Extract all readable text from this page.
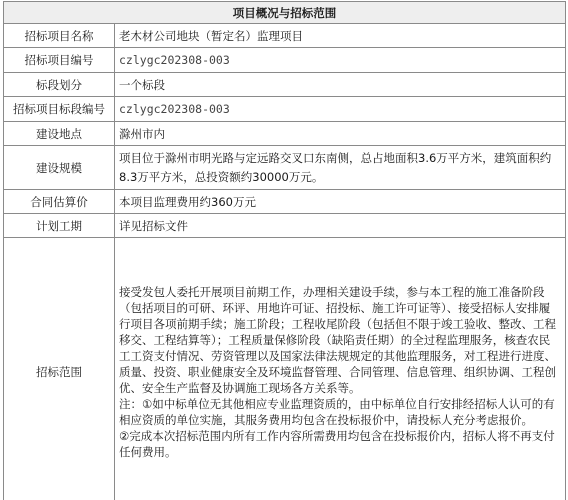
项目概况与招标范围	
招标项目名称	老木材公司地块（暂定名）监理项目
招标项目编号	czlygc202308-003
标段划分	一个标段
招标项目标段编号	czlygc202308-003
建设地点	滁州市内
建设规模	项目位于滁州市明光路与定远路交叉口东南侧，总占地面积3.6万平方米，建筑面积约8.3万平方米，总投资额约30000万元。
合同估算价	本项目监理费用约360万元
计划工期	详见招标文件
招标范围	接受发包人委托开展项目前期工作，办理相关建设手续，参与本工程的施工准备阶段（包括项目的可研、环评、用地许可证、招投标、施工许可证等）、接受招标人安排履行项目各项前期手续；施工阶段；工程收尾阶段（包括但不限于竣工验收、整改、工程移交、工程结算等）；工程质量保修阶段（缺陷责任期）的全过程监理服务，核查农民工工资支付情况、劳资管理以及国家法律法规规定的其他监理服务，对工程进行进度、质量、投资、职业健康安全及环境监督管理、合同管理、信息管理、组织协调、工程创优、安全生产监督及协调施工现场各方关系等。

注：①如中标单位无其他相应专业监理资质的，由中标单位自行安排经招标人认可的有相应资质的单位实施，其服务费用均包含在投标报价中，请投标人充分考虑报价。

②完成本次招标范围内所有工作内容所需费用均包含在投标报价内，招标人将不再支付任何费用。
